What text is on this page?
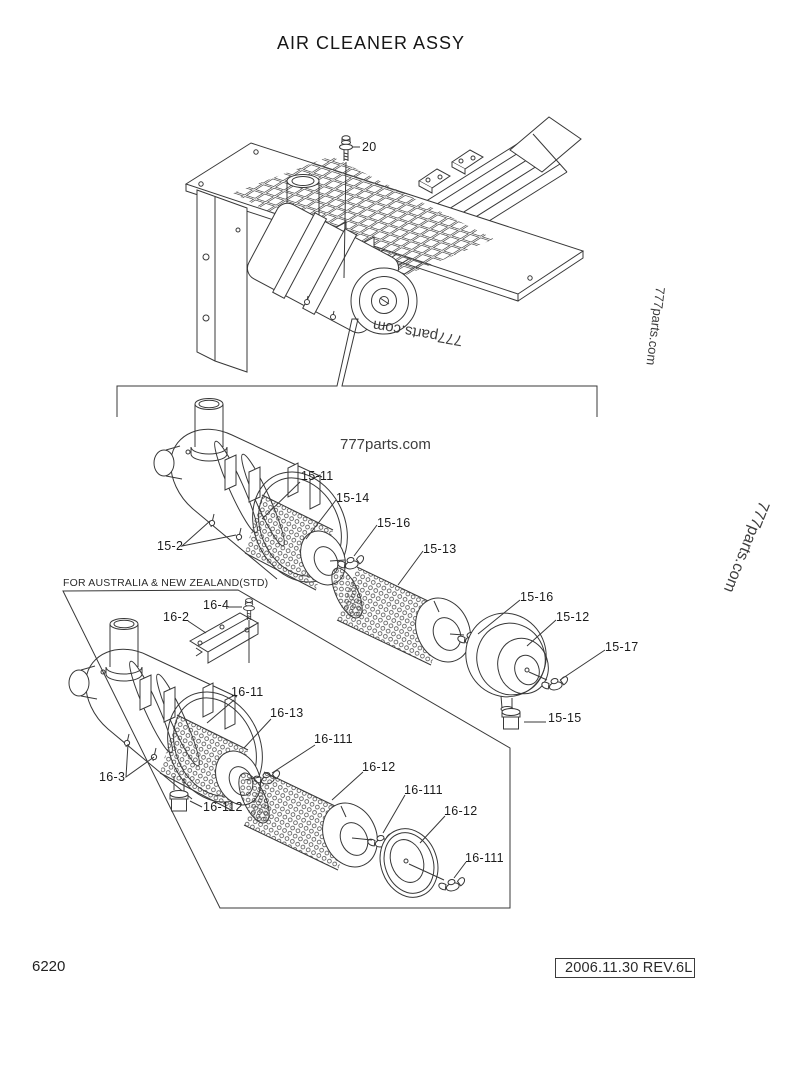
AIR CLEANER ASSY
FOR AUSTRALIA & NEW ZEALAND(STD)
20
15-11
15-14
15-16
15-13
15-2
15-16
15-12
15-17
15-15
16-4
16-2
16-11
16-13
16-111
16-12
16-3
16-112
16-111
16-12
16-111
777parts.com
777parts.com
777parts.com
777parts.com
6220	2006.11.30 REV.6L
